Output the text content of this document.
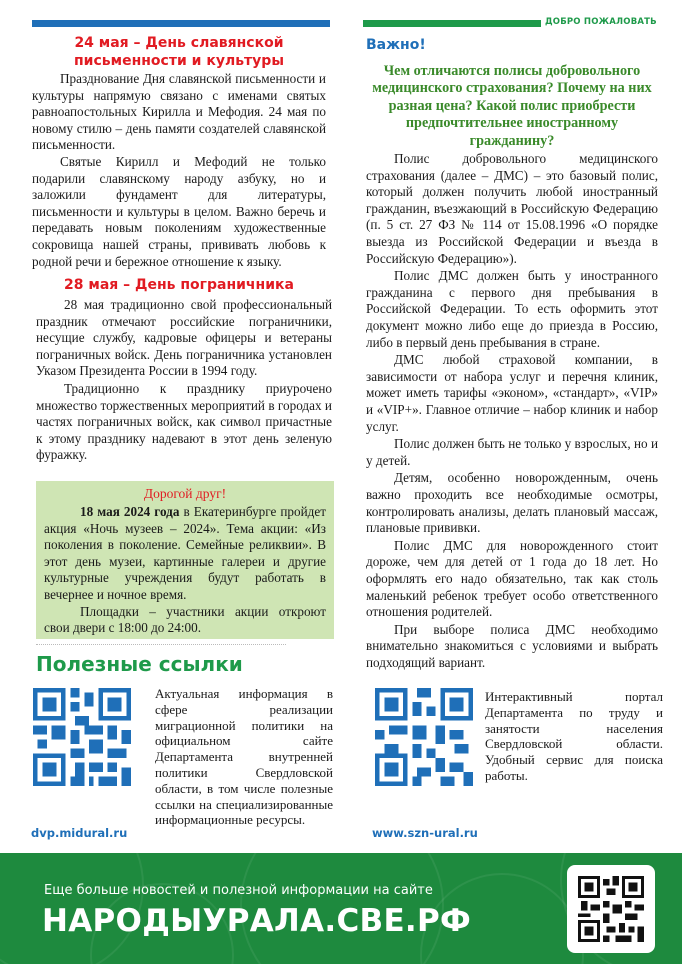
ДОБРО ПОЖАЛОВАТЬ
24 мая – День славянской письменности и культуры

Празднование Дня славянской письменности и культуры напрямую связано с именами святых равноапостольных Кирилла и Мефодия. 24 мая по новому стилю – день памяти создателей славянской письменности.

Святые Кирилл и Мефодий не только подарили славянскому народу азбуку, но и заложили фундамент для литературы, письменности и культуры в целом. Важно беречь и передавать новым поколениям художественные сокровища нашей страны, прививать любовь к родной речи и бережное отношение к языку.

28 мая – День пограничника

28 мая традиционно свой профессиональный праздник отмечают российские пограничники, несущие службу, кадровые офицеры и ветераны пограничных войск. День пограничника установлен Указом Президента России в 1994 году.

Традиционно к празднику приурочено множество торжественных мероприятий в городах и частях пограничных войск, как символ причастные к этому празднику надевают в этот день зеленую фуражку.

Дорогой друг!

18 мая 2024 года в Екатеринбурге пройдет акция «Ночь музеев – 2024». Тема акции: «Из поколения в поколение. Семейные реликвии». В этот день музеи, картинные галереи и другие культурные учреждения будут работать в вечернее и ночное время.

Площадки – участники акции откроют свои двери с 18:00 до 24:00.

Важно!
Чем отличаются полисы добровольного медицинского страхования? Почему на них разная цена? Какой полис приобрести предпочтительнее иностранному гражданину?

Полис добровольного медицинского страхования (далее – ДМС) – это базовый полис, который должен получить любой иностранный гражданин, въезжающий в Российскую Федерацию (п. 5 ст. 27 ФЗ № 114 от 15.08.1996 «О порядке выезда из Российской Федерации и въезда в Российскую Федерацию»).

Полис ДМС должен быть у иностранного гражданина с первого дня пребывания в Российской Федерации. То есть оформить этот документ можно либо еще до приезда в Россию, либо в первый день пребывания в стране.

ДМС любой страховой компании, в зависимости от набора услуг и перечня клиник, может иметь тарифы «эконом», «стандарт», «VIP» и «VIP+». Главное отличие – набор клиник и набор услуг.

Полис должен быть не только у взрослых, но и у детей.

Детям, особенно новорожденным, очень важно проходить все необходимые осмотры, контролировать анализы, делать плановый массаж, плановые прививки.

Полис ДМС для новорожденного стоит дороже, чем для детей от 1 года до 18 лет. Но оформлять его надо обязательно, так как столь маленький ребенок требует особо ответственного отношения родителей.

При выборе полиса ДМС необходимо внимательно знакомиться с условиями и выбрать подходящий вариант.

Полезные ссылки
dvp.midural.ru
Актуальная информация в сфере реализации миграционной политики на официальном сайте Департамента внутренней политики Свердловской области, в том числе полезные ссылки на специализированные информационные ресурсы.
www.szn-ural.ru
Интерактивный портал Департамента по труду и занятости населения Свердловской области. Удобный сервис для поиска работы.
Еще больше новостей и полезной информации на сайте
НАРОДЫУРАЛА.СВЕ.РФ
